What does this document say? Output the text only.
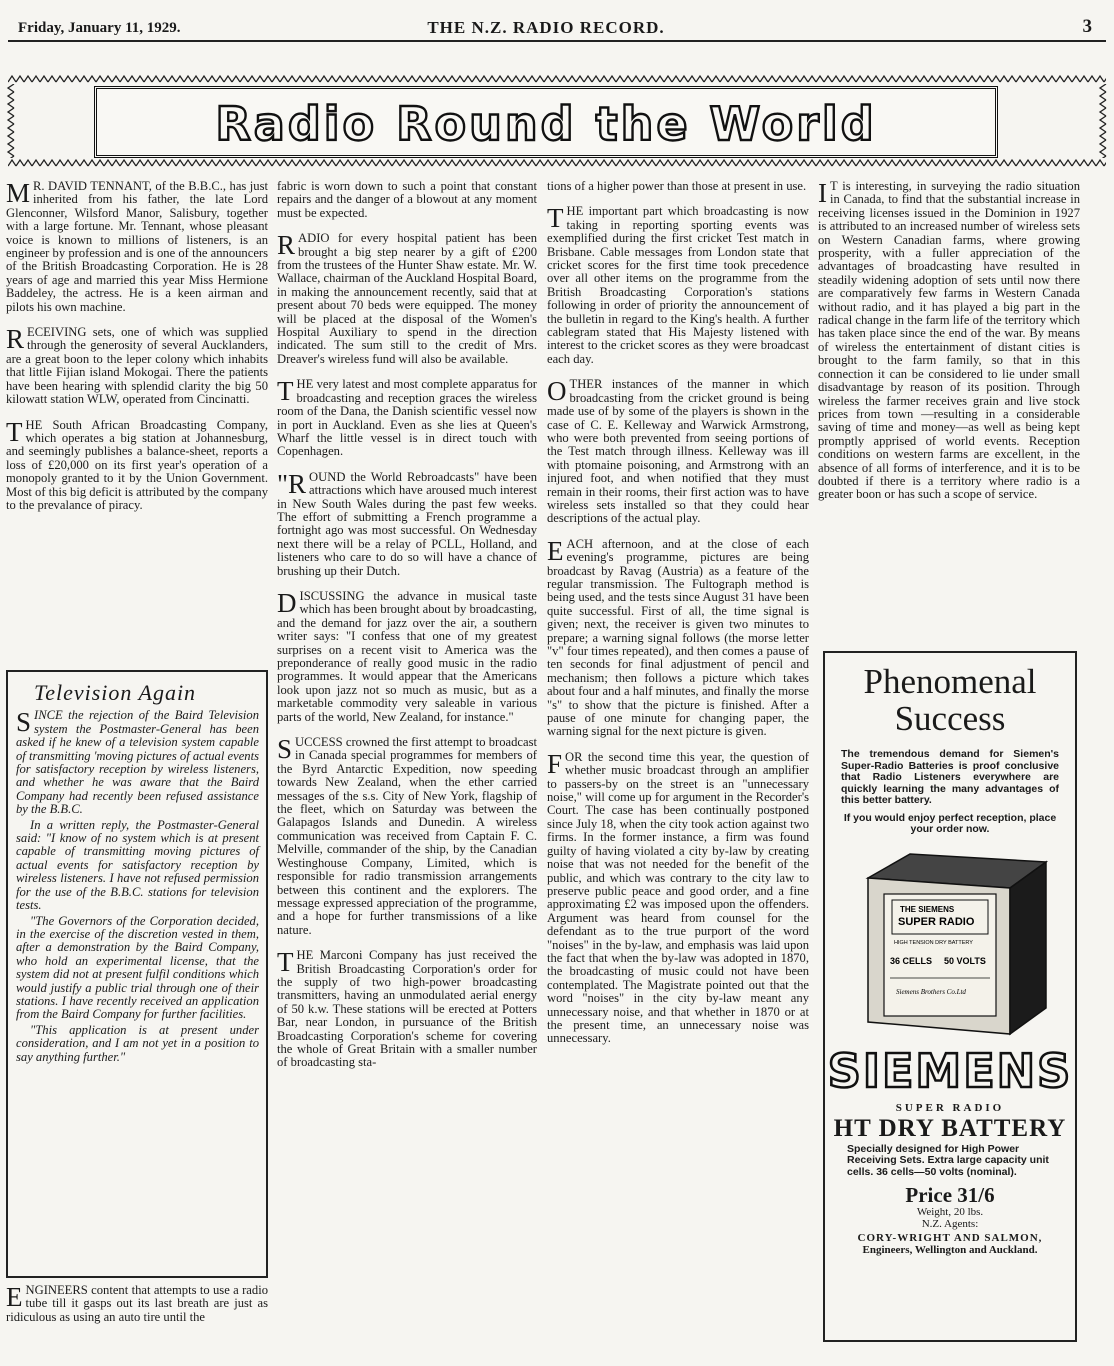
Friday, January 11, 1929.	THE N.Z. RADIO RECORD.	3
Radio Round the World

M R. DAVID TENNANT, of the B.B.C., has just inherited from his father, the late Lord Glenconner, Wilsford Manor, Salisbury, together with a large fortune. Mr. Tennant, whose pleasant voice is known to millions of listeners, is an engineer by profession and is one of the announcers of the British Broadcasting Corporation. He is 28 years of age and married this year Miss Hermione Baddeley, the actress. He is a keen airman and pilots his own machine.

RECEIVING sets, one of which was supplied through the generosity of several Aucklanders, are a great boon to the leper colony which inhabits that little Fijian island Mokogai. There the patients have been hearing with splendid clarity the big 50 kilowatt station WLW, operated from Cincinatti.

THE South African Broadcasting Company, which operates a big station at Johannesburg, and seemingly publishes a balance-sheet, reports a loss of £20,000 on its first year's operation of a monopoly granted to it by the Union Government. Most of this big deficit is attributed by the company to the prevalance of piracy.

Television Again

SINCE the rejection of the Baird Television system the Postmaster-General has been asked if he knew of a television system capable of transmitting 'moving pictures of actual events for satisfactory reception by wireless listeners, and whether he was aware that the Baird Company had recently been refused assistance by the B.B.C.

In a written reply, the Postmaster-General said: "I know of no system which is at present capable of transmitting moving pictures of actual events for satisfactory reception by wireless listeners. I have not refused permission for the use of the B.B.C. stations for television tests.

"The Governors of the Corporation decided, in the exercise of the discretion vested in them, after a demonstration by the Baird Company, who hold an experimental license, that the system did not at present fulfil conditions which would justify a public trial through one of their stations. I have recently received an application from the Baird Company for further facilities.

"This application is at present under consideration, and I am not yet in a position to say anything further."

ENGINEERS content that attempts to use a radio tube till it gasps out its last breath are just as ridiculous as using an auto tire until the

fabric is worn down to such a point that constant repairs and the danger of a blowout at any moment must be expected.

RADIO for every hospital patient has been brought a big step nearer by a gift of £200 from the trustees of the Hunter Shaw estate. Mr. W. Wallace, chairman of the Auckland Hospital Board, in making the announcement recently, said that at present about 70 beds were equipped. The money will be placed at the disposal of the Women's Hospital Auxiliary to spend in the direction indicated. The sum still to the credit of Mrs. Dreaver's wireless fund will also be available.

THE very latest and most complete apparatus for broadcasting and reception graces the wireless room of the Dana, the Danish scientific vessel now in port in Auckland. Even as she lies at Queen's Wharf the little vessel is in direct touch with Copenhagen.

"ROUND the World Rebroadcasts" have been attractions which have aroused much interest in New South Wales during the past few weeks. The effort of submitting a French programme a fortnight ago was most successful. On Wednesday next there will be a relay of PCLL, Holland, and listeners who care to do so will have a chance of brushing up their Dutch.

DISCUSSING the advance in musical taste which has been brought about by broadcasting, and the demand for jazz over the air, a southern writer says: "I confess that one of my greatest surprises on a recent visit to America was the preponderance of really good music in the radio programmes. It would appear that the Americans look upon jazz not so much as music, but as a marketable commodity very saleable in various parts of the world, New Zealand, for instance."

SUCCESS crowned the first attempt to broadcast in Canada special programmes for members of the Byrd Antarctic Expedition, now speeding towards New Zealand, when the ether carried messages of the s.s. City of New York, flagship of the fleet, which on Saturday was between the Galapagos Islands and Dunedin. A wireless communication was received from Captain F. C. Melville, commander of the ship, by the Canadian Westinghouse Company, Limited, which is responsible for radio transmission arrangements between this continent and the explorers. The message expressed appreciation of the programme, and a hope for further transmissions of a like nature.

THE Marconi Company has just received the British Broadcasting Corporation's order for the supply of two high-power broadcasting transmitters, having an unmodulated aerial energy of 50 k.w. These stations will be erected at Potters Bar, near London, in pursuance of the British Broadcasting Corporation's scheme for covering the whole of Great Britain with a smaller number of broadcasting sta-

tions of a higher power than those at present in use.

THE important part which broadcasting is now taking in reporting sporting events was exemplified during the first cricket Test match in Brisbane. Cable messages from London state that cricket scores for the first time took precedence over all other items on the programme from the British Broadcasting Corporation's stations following in order of priority the announcement of the bulletin in regard to the King's health. A further cablegram stated that His Majesty listened with interest to the cricket scores as they were broadcast each day.

OTHER instances of the manner in which broadcasting from the cricket ground is being made use of by some of the players is shown in the case of C. E. Kelleway and Warwick Armstrong, who were both prevented from seeing portions of the Test match through illness. Kelleway was ill with ptomaine poisoning, and Armstrong with an injured foot, and when notified that they must remain in their rooms, their first action was to have wireless sets installed so that they could hear descriptions of the actual play.

EACH afternoon, and at the close of each evening's programme, pictures are being broadcast by Ravag (Austria) as a feature of the regular transmission. The Fultograph method is being used, and the tests since August 31 have been quite successful. First of all, the time signal is given; next, the receiver is given two minutes to prepare; a warning signal follows (the morse letter "v" four times repeated), and then comes a pause of ten seconds for final adjustment of pencil and mechanism; then follows a picture which takes about four and a half minutes, and finally the morse "s" to show that the picture is finished. After a pause of one minute for changing paper, the warning signal for the next picture is given.

FOR the second time this year, the question of whether music broadcast through an amplifier to passers-by on the street is an "unnecessary noise," will come up for argument in the Recorder's Court. The case has been continually postponed since July 18, when the city took action against two firms. In the former instance, a firm was found guilty of having violated a city by-law by creating noise that was not needed for the benefit of the public, and which was contrary to the city law to preserve public peace and good order, and a fine approximating £2 was imposed upon the offenders. Argument was heard from counsel for the defendant as to the true purport of the word "noises" in the by-law, and emphasis was laid upon the fact that when the by-law was adopted in 1870, the broadcasting of music could not have been contemplated. The Magistrate pointed out that the word "noises" in the city by-law meant any unnecessary noise, and that whether in 1870 or at the present time, an unnecessary noise was unnecessary.

I T is interesting, in surveying the radio situation in Canada, to find that the substantial increase in receiving licenses issued in the Dominion in 1927 is attributed to an increased number of wireless sets on Western Canadian farms, where growing prosperity, with a fuller appreciation of the advantages of broadcasting have resulted in steadily widening adoption of sets until now there are comparatively few farms in Western Canada without radio, and it has played a big part in the radical change in the farm life of the territory which has taken place since the end of the war. By means of wireless the entertainment of distant cities is brought to the farm family, so that in this connection it can be considered to lie under small disadvantage by reason of its position. Through wireless the farmer receives grain and live stock prices from town —resulting in a considerable saving of time and money—as well as being kept promptly apprised of world events. Reception conditions on western farms are excellent, in the absence of all forms of interference, and it is to be doubted if there is a territory where radio is a greater boon or has such a scope of service.

Phenomenal
Success
The tremendous demand for Siemen's Super-Radio Batteries is proof conclusive that Radio Listeners everywhere are quickly learning the many advantages of this better battery.
If you would enjoy perfect reception, place your order now.
THE SIEMENS
SUPER RADIO
HIGH TENSION DRY BATTERY
36 CELLS 50 VOLTS
Siemens Brothers Co.Ltd
SIEMENS
SUPER RADIO
HT DRY BATTERY
Specially designed for High Power Receiving Sets. Extra large capacity unit cells. 36 cells—50 volts (nominal).
Price 31/6
Weight, 20 lbs.
N.Z. Agents:
CORY-WRIGHT AND SALMON,
Engineers, Wellington and Auckland.
